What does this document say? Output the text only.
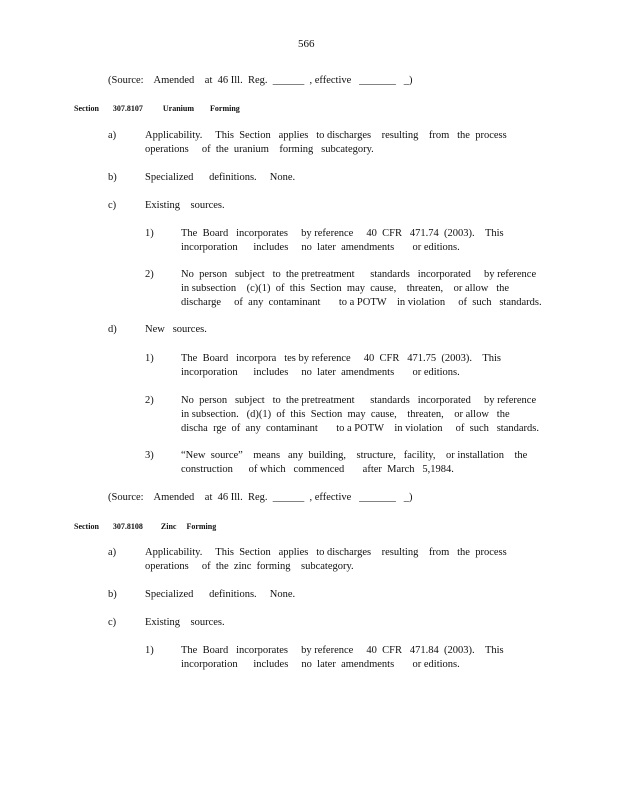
566
(Source:    Amended    at  46 Ill.  Reg.  ______  , effective   _______   _)
Section       307.8107          Uranium        Forming
a)	Applicability.     This  Section   applies   to discharges    resulting    from   the  process
operations     of  the  uranium    forming   subcategory.
b)	Specialized      definitions.     None.
c)	Existing    sources.
1)	The  Board   incorporates     by reference     40  CFR   471.74  (2003).    This
incorporation      includes     no  later  amendments       or editions.
2)	No  person   subject   to  the pretreatment      standards   incorporated     by reference
in subsection    (c)(1)  of  this  Section  may  cause,    threaten,    or allow   the
discharge     of  any  contaminant       to a POTW    in violation     of  such   standards.
d)	New   sources.
1)	The  Board   incorpora   tes by reference     40  CFR   471.75  (2003).    This
incorporation      includes     no  later  amendments       or editions.
2)	No  person   subject   to  the pretreatment      standards   incorporated     by reference
in subsection.   (d)(1)  of  this  Section  may  cause,    threaten,    or allow   the
discha  rge  of  any  contaminant       to a POTW    in violation     of  such   standards.
3)	“New  source”    means   any  building,    structure,   facility,    or installation    the
construction      of which   commenced       after  March   5,1984.
(Source:    Amended    at  46 Ill.  Reg.  ______  , effective   _______   _)
Section       307.8108         Zinc     Forming
a)	Applicability.     This  Section   applies   to discharges    resulting    from   the  process
operations     of  the  zinc  forming    subcategory.
b)	Specialized      definitions.     None.
c)	Existing    sources.
1)	The  Board   incorporates     by reference     40  CFR   471.84  (2003).    This
incorporation      includes     no  later  amendments       or editions.
